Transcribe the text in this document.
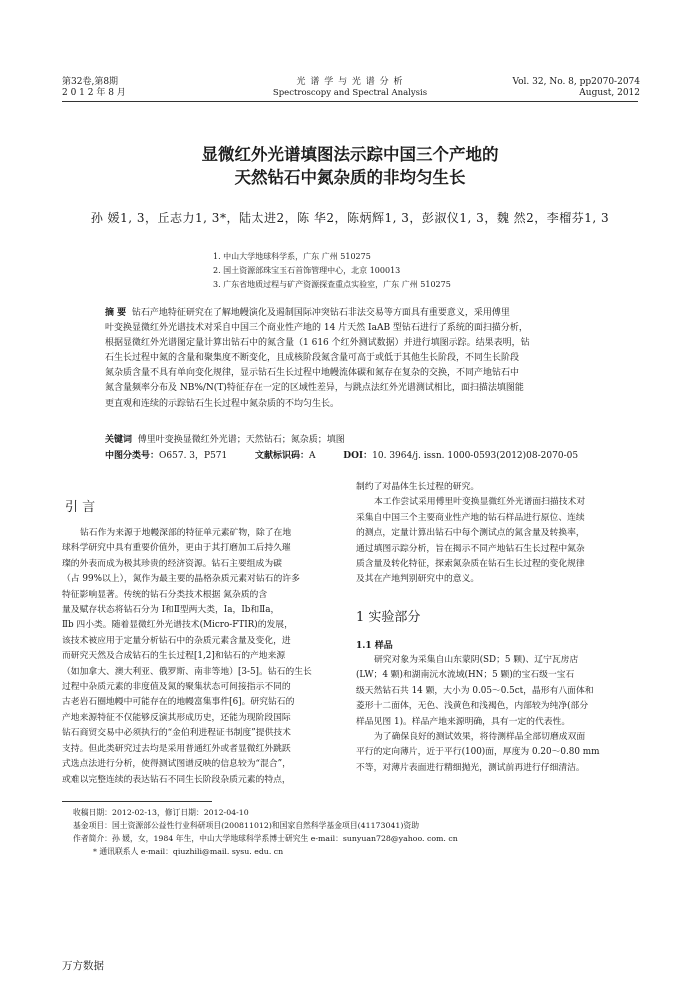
第32卷,第8期
2 0 1 2 年 8 月
光 谱 学 与 光 谱 分 析
Spectroscopy and Spectral Analysis
Vol. 32, No. 8, pp2070-2074
August, 2012
显微红外光谱填图法示踪中国三个产地的
天然钻石中氮杂质的非均匀生长
孙 媛1, 3，丘志力1, 3*，陆太进2，陈 华2，陈炳辉1, 3，彭淑仪1, 3，魏 然2，李榴芬1, 3
1. 中山大学地球科学系，广东 广州 510275
2. 国土资源部珠宝玉石首饰管理中心，北京 100013
3. 广东省地质过程与矿产资源探查重点实验室，广东 广州 510275
摘 要 钻石产地特征研究在了解地幔演化及遏制国际冲突钻石非法交易等方面具有重要意义，采用傅里
叶变换显微红外光谱技术对采自中国三个商业性产地的 14 片天然 IaAB 型钻石进行了系统的面扫描分析，
根据显微红外光谱图定量计算出钻石中的氮含量（1 616 个红外测试数据）并进行填图示踪。结果表明，钻
石生长过程中氮的含量和聚集度不断变化，且成核阶段氮含量可高于或低于其他生长阶段，不同生长阶段
氮杂质含量不具有单向变化规律，显示钻石生长过程中地幔流体碳和氮存在复杂的交换，不同产地钻石中
氮含量频率分布及 NB%/N(T)特征存在一定的区域性差异，与跳点法红外光谱测试相比，面扫描法填图能
更直观和连续的示踪钻石生长过程中氮杂质的不均匀生长。
关键词 傅里叶变换显微红外光谱；天然钻石；氮杂质；填图
中图分类号：O657. 3，P571	文献标识码：A	DOI：10. 3964/j. issn. 1000-0593(2012)08-2070-05
引 言
钻石作为来源于地幔深部的特征单元素矿物，除了在地
球科学研究中具有重要价值外，更由于其打磨加工后持久璀
璨的外表而成为极其珍贵的经济资源。钻石主要组成为碳
（占 99%以上），氮作为最主要的晶格杂质元素对钻石的许多
特征影响显著。传统的钻石分类技术根据 氮杂质的含
量及赋存状态将钻石分为 Ⅰ和Ⅱ型两大类，Ⅰa，Ⅰb和Ⅱa，
Ⅱb 四小类。随着显微红外光谱技术(Micro-FTIR)的发展，
该技术被应用于定量分析钻石中的杂质元素含量及变化，进
而研究天然及合成钻石的生长过程[1,2]和钻石的产地来源
（如加拿大、澳大利亚、俄罗斯、南非等地）[3-5]。钻石的生长
过程中杂质元素的非度值及氮的聚集状态可间接指示不同的
古老岩石圈地幔中可能存在的地幔富集事件[6]。研究钻石的
产地来源特征不仅能够反演其形成历史，还能为现阶段国际
钻石商贸交易中必须执行的“金伯利进程证书制度”提供技术
支持。但此类研究过去均是采用普通红外或者显微红外跳跃
式选点法进行分析，使得测试图谱反映的信息较为“混合”，
或难以完整连续的表达钻石不同生长阶段杂质元素的特点，
制约了对晶体生长过程的研究。
本工作尝试采用傅里叶变换显微红外光谱面扫描技术对
采集自中国三个主要商业性产地的钻石样品进行原位、连续
的测点，定量计算出钻石中每个测试点的氮含量及转换率，
通过填图示踪分析，旨在揭示不同产地钻石生长过程中氮杂
质含量及转化特征，探索氮杂质在钻石生长过程的变化规律
及其在产地判别研究中的意义。
1 实验部分
1.1 样品
研究对象为采集自山东蒙阴(SD；5 颗)、辽宁瓦房店
(LW；4 颗)和湖南沅水流域(HN；5 颗)的宝石级一宝石
级天然钻石共 14 颗，大小为 0.05～0.5ct，晶形有八面体和
菱形十二面体，无色、浅黄色和浅褐色，内部较为纯净(部分
样品见图 1)。样品产地来源明确，具有一定的代表性。
为了确保良好的测试效果，将待测样品全部切磨成双面
平行的定向薄片，近于平行(100)面，厚度为 0.20～0.80 mm
不等，对薄片表面进行精细抛光，测试前再进行仔细清洁。
收稿日期：2012-02-13，修订日期：2012-04-10
基金项目：国土资源部公益性行业科研项目(200811012)和国家自然科学基金项目(41173041)资助
作者简介：孙 媛，女，1984 年生，中山大学地球科学系博士研究生 e-mail：sunyuan728@yahoo. com. cn
* 通讯联系人 e-mail：qiuzhili@mail. sysu. edu. cn
万方数据
